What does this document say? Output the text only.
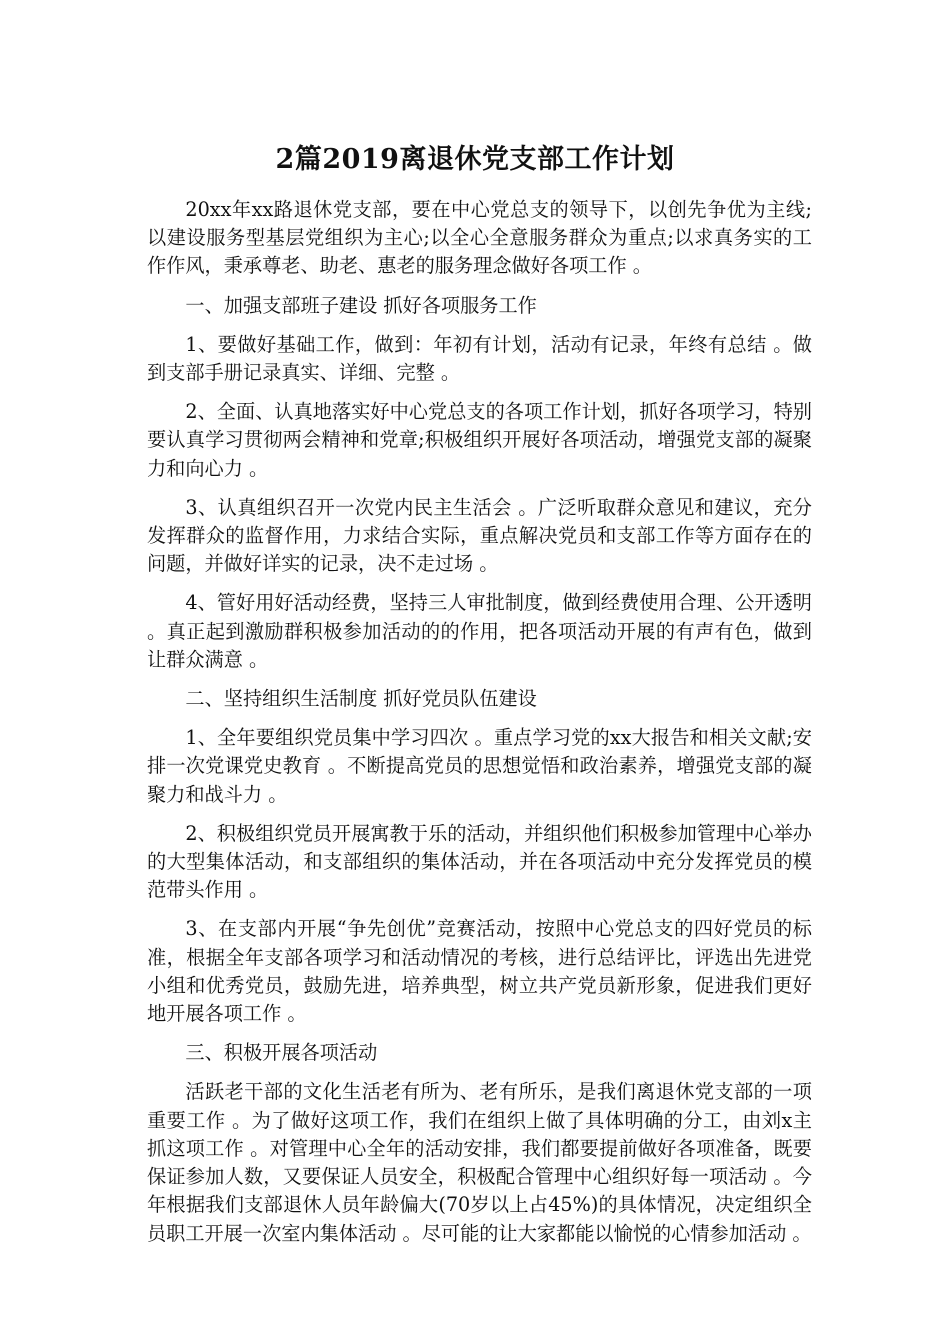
2篇2019离退休党支部工作计划

20xx年xx路退休党支部，要在中心党总支的领导下，以创先争优为主线;以建设服务型基层党组织为主心;以全心全意服务群众为重点;以求真务实的工作作风，秉承尊老、助老、惠老的服务理念做好各项工作 。

一、加强支部班子建设 抓好各项服务工作

1、要做好基础工作，做到：年初有计划，活动有记录，年终有总结 。做到支部手册记录真实、详细、完整 。

2、全面、认真地落实好中心党总支的各项工作计划，抓好各项学习，特别要认真学习贯彻两会精神和党章;积极组织开展好各项活动，增强党支部的凝聚力和向心力 。

3、认真组织召开一次党内民主生活会 。广泛听取群众意见和建议，充分发挥群众的监督作用，力求结合实际，重点解决党员和支部工作等方面存在的问题，并做好详实的记录，决不走过场 。

4、管好用好活动经费，坚持三人审批制度，做到经费使用合理、公开透明 。真正起到激励群积极参加活动的的作用，把各项活动开展的有声有色，做到让群众满意 。

二、坚持组织生活制度 抓好党员队伍建设

1、全年要组织党员集中学习四次 。重点学习党的xx大报告和相关文献;安排一次党课党史教育 。不断提高党员的思想觉悟和政治素养，增强党支部的凝聚力和战斗力 。

2、积极组织党员开展寓教于乐的活动，并组织他们积极参加管理中心举办的大型集体活动，和支部组织的集体活动，并在各项活动中充分发挥党员的模范带头作用 。

3、在支部内开展“争先创优”竞赛活动，按照中心党总支的四好党员的标准，根据全年支部各项学习和活动情况的考核，进行总结评比，评选出先进党小组和优秀党员，鼓励先进，培养典型，树立共产党员新形象，促进我们更好地开展各项工作 。

三、积极开展各项活动

活跃老干部的文化生活老有所为、老有所乐，是我们离退休党支部的一项重要工作 。为了做好这项工作，我们在组织上做了具体明确的分工，由刘x主抓这项工作 。对管理中心全年的活动安排，我们都要提前做好各项准备，既要保证参加人数，又要保证人员安全，积极配合管理中心组织好每一项活动 。今年根据我们支部退休人员年龄偏大(70岁以上占45%)的具体情况，决定组织全员职工开展一次室内集体活动 。尽可能的让大家都能以愉悦的心情参加活动 。
